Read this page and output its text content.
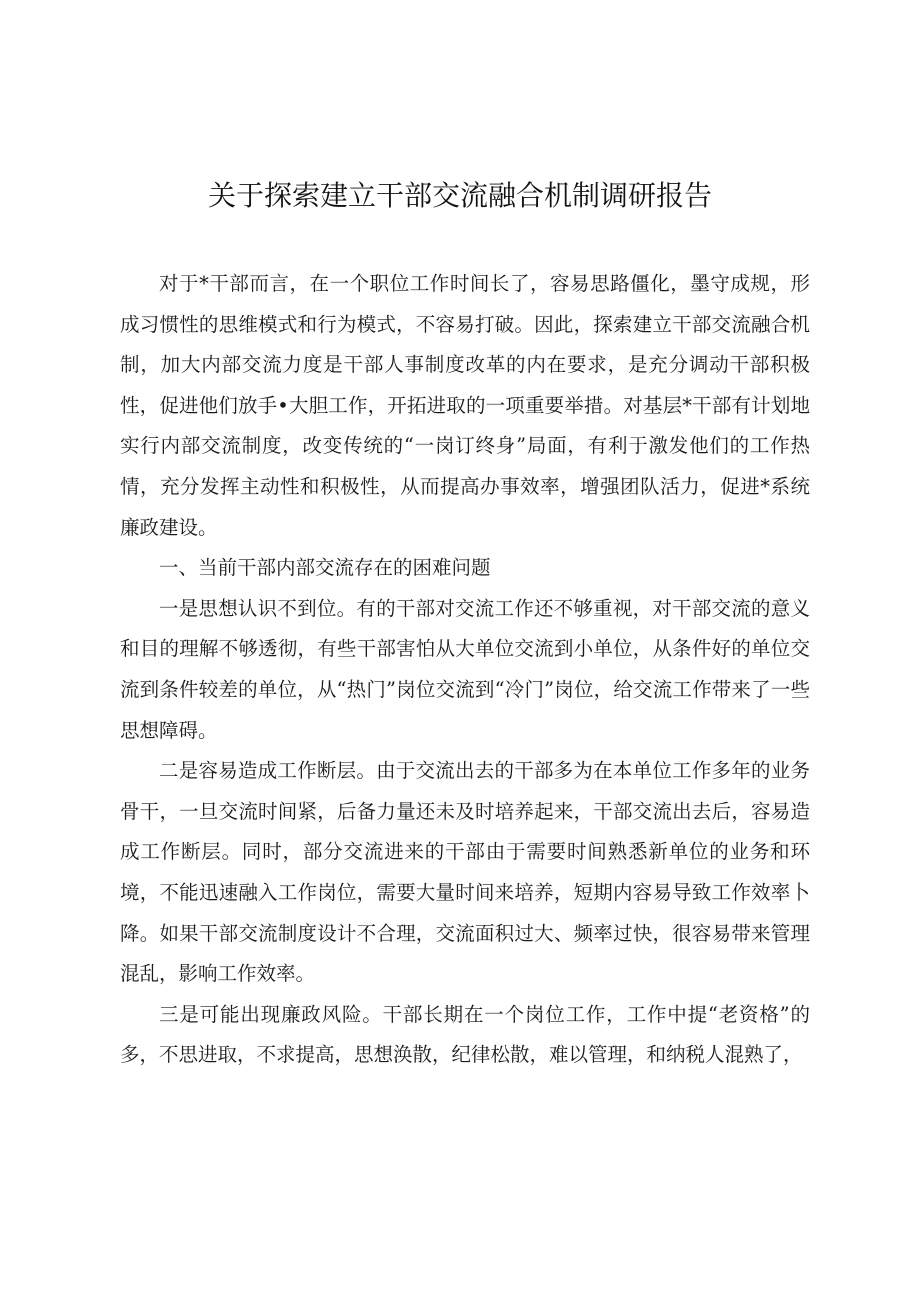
关于探索建立干部交流融合机制调研报告

对于*干部而言，在一个职位工作时间长了，容易思路僵化，墨守成规，形成习惯性的思维模式和行为模式，不容易打破。因此，探索建立干部交流融合机制，加大内部交流力度是干部人事制度改革的内在要求，是充分调动干部积极性，促进他们放手•大胆工作，开拓进取的一项重要举措。对基层*干部有计划地实行内部交流制度，改变传统的“一岗订终身”局面，有利于激发他们的工作热情，充分发挥主动性和积极性，从而提高办事效率，增强团队活力，促进*系统廉政建设。

一、当前干部内部交流存在的困难问题

一是思想认识不到位。有的干部对交流工作还不够重视，对干部交流的意义和目的理解不够透彻，有些干部害怕从大单位交流到小单位，从条件好的单位交流到条件较差的单位，从“热门”岗位交流到“冷门”岗位，给交流工作带来了一些思想障碍。

二是容易造成工作断层。由于交流出去的干部多为在本单位工作多年的业务骨干，一旦交流时间紧，后备力量还未及时培养起来，干部交流出去后，容易造成工作断层。同时，部分交流进来的干部由于需要时间熟悉新单位的业务和环境，不能迅速融入工作岗位，需要大量时间来培养，短期内容易导致工作效率卜降。如果干部交流制度设计不合理，交流面积过大、频率过快，很容易带来管理混乱，影响工作效率。

三是可能出现廉政风险。干部长期在一个岗位工作，工作中提“老资格”的多，不思进取，不求提高，思想涣散，纪律松散，难以管理，和纳税人混熟了，
